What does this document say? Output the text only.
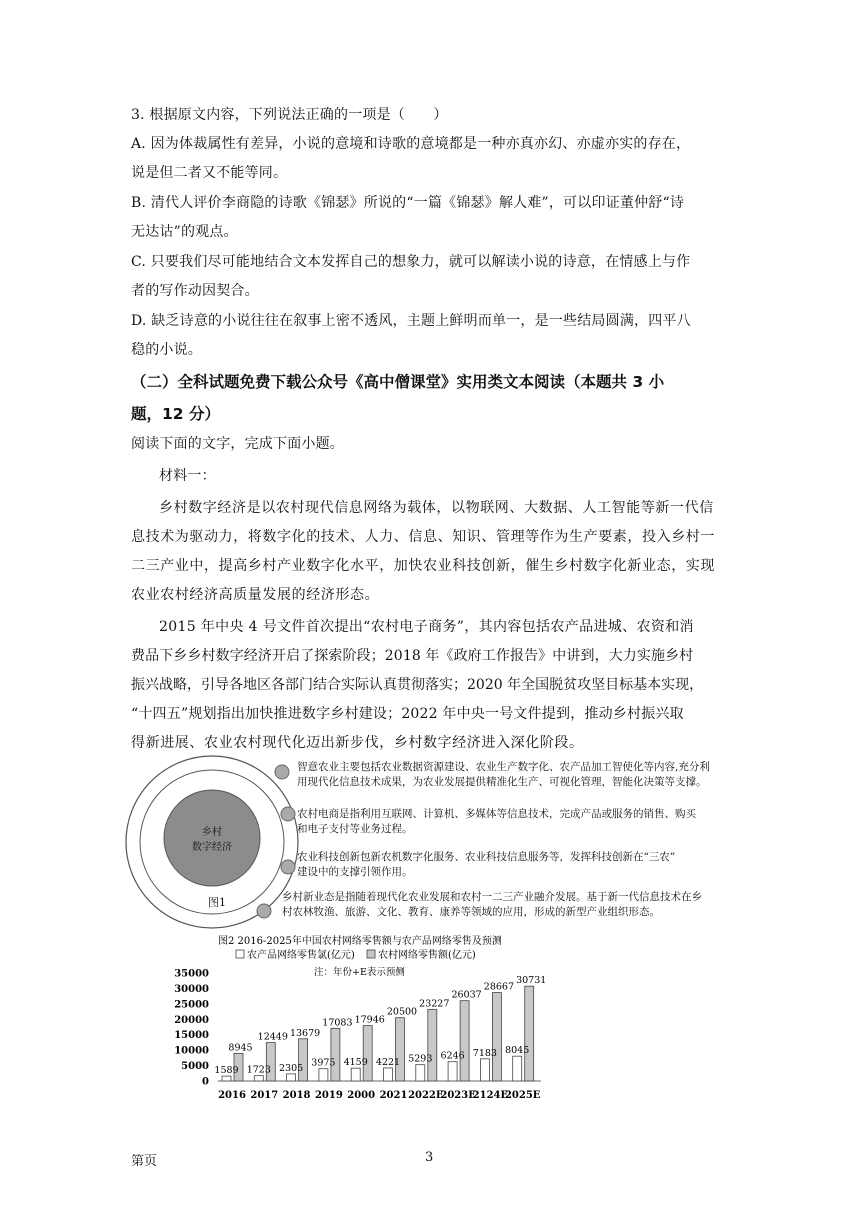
3. 根据原文内容，下列说法正确的一项是（　　）
A. 因为体裁属性有差异，小说的意境和诗歌的意境都是一种亦真亦幻、亦虚亦实的存在，
说是但二者又不能等同。
B. 清代人评价李商隐的诗歌《锦瑟》所说的“一篇《锦瑟》解人难”，可以印证董仲舒“诗
无达诂”的观点。
C. 只要我们尽可能地结合文本发挥自己的想象力，就可以解读小说的诗意，在情感上与作
者的写作动因契合。
D. 缺乏诗意的小说往往在叙事上密不透风，主题上鲜明而单一，是一些结局圆满，四平八
稳的小说。
（二）全科试题免费下载公众号《高中僧课堂》实用类文本阅读（本题共 3 小
题，12 分）
阅读下面的文字，完成下面小题。
材料一：
乡村数字经济是以农村现代信息网络为载体，以物联网、大数据、人工智能等新一代信
息技术为驱动力，将数字化的技术、人力、信息、知识、管理等作为生产要素，投入乡村一
二三产业中，提高乡村产业数字化水平，加快农业科技创新，催生乡村数字化新业态，实现
农业农村经济高质量发展的经济形态。
2015 年中央 4 号文件首次提出“农村电子商务”，其内容包括农产品进城、农资和消
费品下乡乡村数字经济开启了探索阶段；2018 年《政府工作报告》中讲到，大力实施乡村
振兴战略，引导各地区各部门结合实际认真贯彻落实；2020 年全国脱贫攻坚目标基本实现，
“十四五”规划指出加快推进数字乡村建设；2022 年中央一号文件提到，推动乡村振兴取
得新进展、农业农村现代化迈出新步伐，乡村数字经济进入深化阶段。
乡村
数字经济
图1
智意农业主要包括农业数据资源建设、农业生产数字化、农产品加工智使化等内容,充分利
用现代化信息技术成果，为农业发展提供精准化生产、可视化管理，智能化决策等支撑。
农村电商是指利用互联网、计算机、多媒体等信息技术，完成产品或服务的销售、购买
和电子支付等业务过程。
农业科技创新包新农机数字化服务、农业科技信息服务等，发挥科技创新在“三农”
建设中的支撑引领作用。
乡村新业态是指随着现代化农业发展和农村一二三产业融介发展。基于新一代信息技术在乡
村农林牧渔、旅游、文化、教育、康养等领域的应用，形成的新型产业组织形态。
图2 2016-2025年中国农村网络零售额与农产品网络零售及预测
农产品网络零售氯(亿元) 农村网络零售额(亿元)
注：年份+E表示预侧
0
5000
10000
15000
20000
25000
30000
35000
1589
8945
2016
1723
12449
2017
2305
13679
2018
3975
17083
2019
4159
17946
2000
4221
20500
2021
5293
23227
2022E
6246
26037
2023E
7183
28667
2124E
8045
30731
2025E
第页	3
